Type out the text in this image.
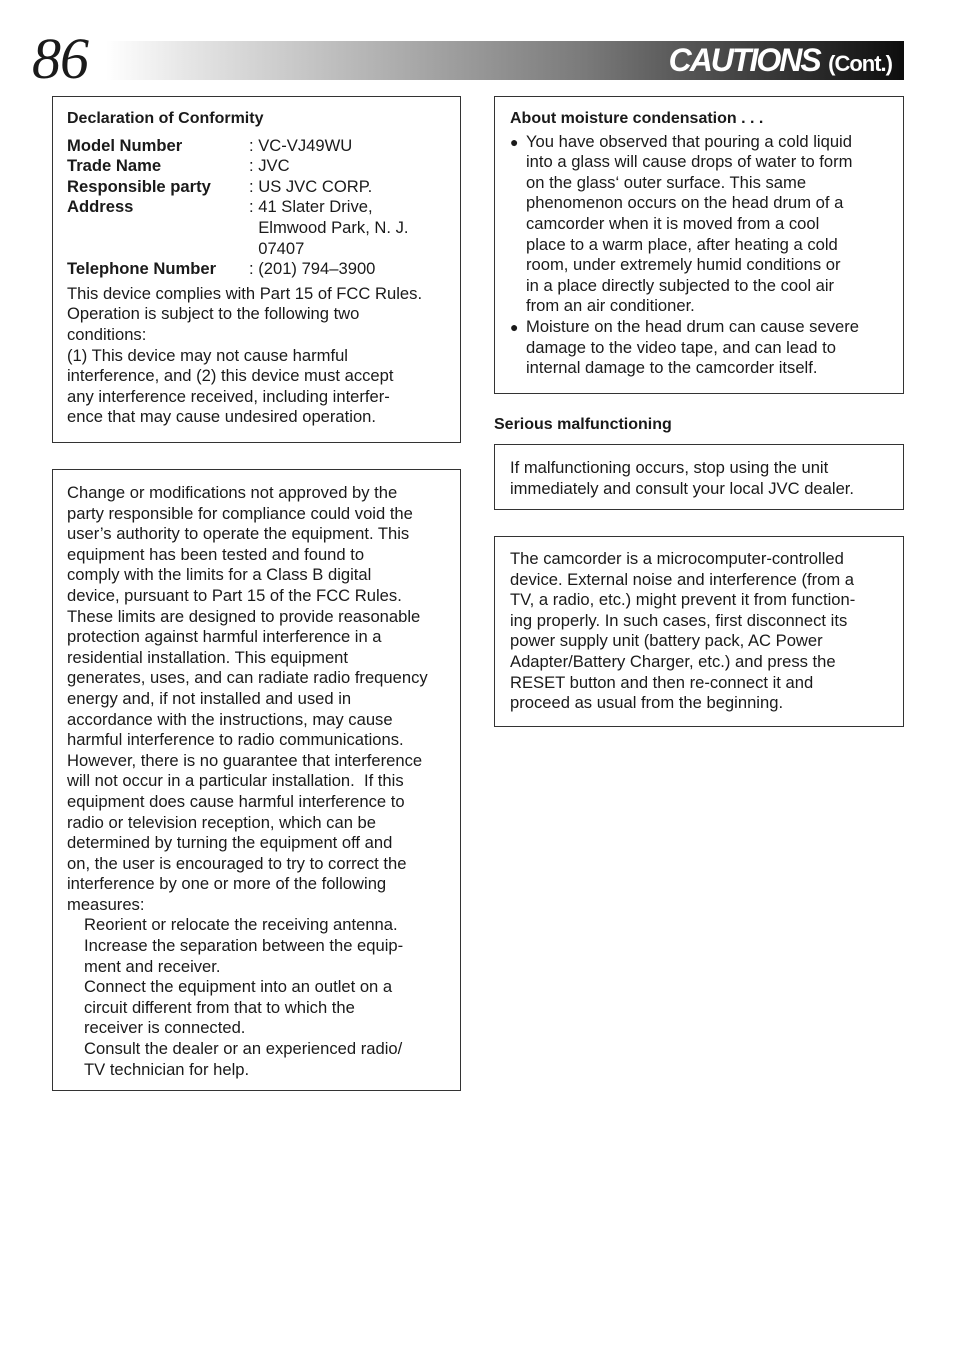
86	CAUTIONS (Cont.)
Declaration of Conformity
Model Number	: VC-VJ49WU
Trade Name	: JVC
Responsible party	: US JVC CORP.
Address	: 41 Slater Drive,
Elmwood Park, N. J.
07407
Telephone Number	: (201) 794–3900

This device complies with Part 15 of FCC Rules.

Operation is subject to the following two

conditions:

(1) This device may not cause harmful

interference, and (2) this device must accept

any interference received, including interfer-

ence that may cause undesired operation.

Change or modifications not approved by the

party responsible for compliance could void the

user’s authority to operate the equipment. This

equipment has been tested and found to

comply with the limits for a Class B digital

device, pursuant to Part 15 of the FCC Rules.

These limits are designed to provide reasonable

protection against harmful interference in a

residential installation. This equipment

generates, uses, and can radiate radio frequency

energy and, if not installed and used in

accordance with the instructions, may cause

harmful interference to radio communications.

However, there is no guarantee that interference

will not occur in a particular installation.  If this

equipment does cause harmful interference to

radio or television reception, which can be

determined by turning the equipment off and

on, the user is encouraged to try to correct the

interference by one or more of the following

measures:

Reorient or relocate the receiving antenna.

Increase the separation between the equip-

ment and receiver.

Connect the equipment into an outlet on a

circuit different from that to which the

receiver is connected.

Consult the dealer or an experienced radio/

TV technician for help.

About moisture condensation . . .
● You have observed that pouring a cold liquid

into a glass will cause drops of water to form

on the glass‘ outer surface. This same

phenomenon occurs on the head drum of a

camcorder when it is moved from a cool

place to a warm place, after heating a cold

room, under extremely humid conditions or

in a place directly subjected to the cool air

from an air conditioner.

● Moisture on the head drum can cause severe

damage to the video tape, and can lead to

internal damage to the camcorder itself.

Serious malfunctioning

If malfunctioning occurs, stop using the unit

immediately and consult your local JVC dealer.

The camcorder is a microcomputer-controlled

device. External noise and interference (from a

TV, a radio, etc.) might prevent it from function-

ing properly. In such cases, first disconnect its

power supply unit (battery pack, AC Power

Adapter/Battery Charger, etc.) and press the

RESET button and then re-connect it and

proceed as usual from the beginning.
